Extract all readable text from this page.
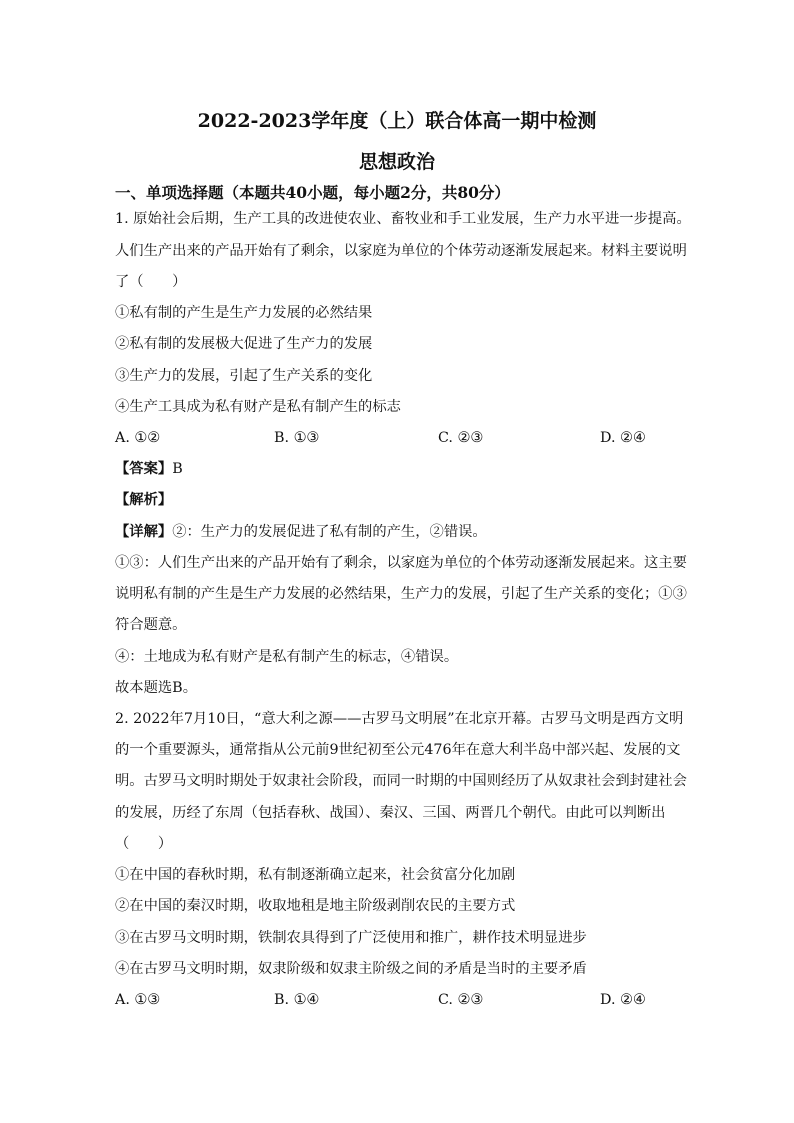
2022-2023学年度（上）联合体高一期中检测
思想政治
一、单项选择题（本题共40小题，每小题2分，共80分）
1. 原始社会后期，生产工具的改进使农业、畜牧业和手工业发展，生产力水平进一步提高。
人们生产出来的产品开始有了剩余，以家庭为单位的个体劳动逐渐发展起来。材料主要说明
了（　　）
①私有制的产生是生产力发展的必然结果
②私有制的发展极大促进了生产力的发展
③生产力的发展，引起了生产关系的变化
④生产工具成为私有财产是私有制产生的标志
A. ①②	B. ①③	C. ②③	D. ②④
【答案】B
【解析】
【详解】②：生产力的发展促进了私有制的产生，②错误。
①③：人们生产出来的产品开始有了剩余，以家庭为单位的个体劳动逐渐发展起来。这主要
说明私有制的产生是生产力发展的必然结果，生产力的发展，引起了生产关系的变化；①③
符合题意。
④：土地成为私有财产是私有制产生的标志，④错误。
故本题选B。
2. 2022年7月10日，“意大利之源——古罗马文明展”在北京开幕。古罗马文明是西方文明
的一个重要源头，通常指从公元前9世纪初至公元476年在意大利半岛中部兴起、发展的文
明。古罗马文明时期处于奴隶社会阶段，而同一时期的中国则经历了从奴隶社会到封建社会
的发展，历经了东周（包括春秋、战国）、秦汉、三国、两晋几个朝代。由此可以判断出
（　　）
①在中国的春秋时期，私有制逐渐确立起来，社会贫富分化加剧
②在中国的秦汉时期，收取地租是地主阶级剥削农民的主要方式
③在古罗马文明时期，铁制农具得到了广泛使用和推广，耕作技术明显进步
④在古罗马文明时期，奴隶阶级和奴隶主阶级之间的矛盾是当时的主要矛盾
A. ①③	B. ①④	C. ②③	D. ②④
